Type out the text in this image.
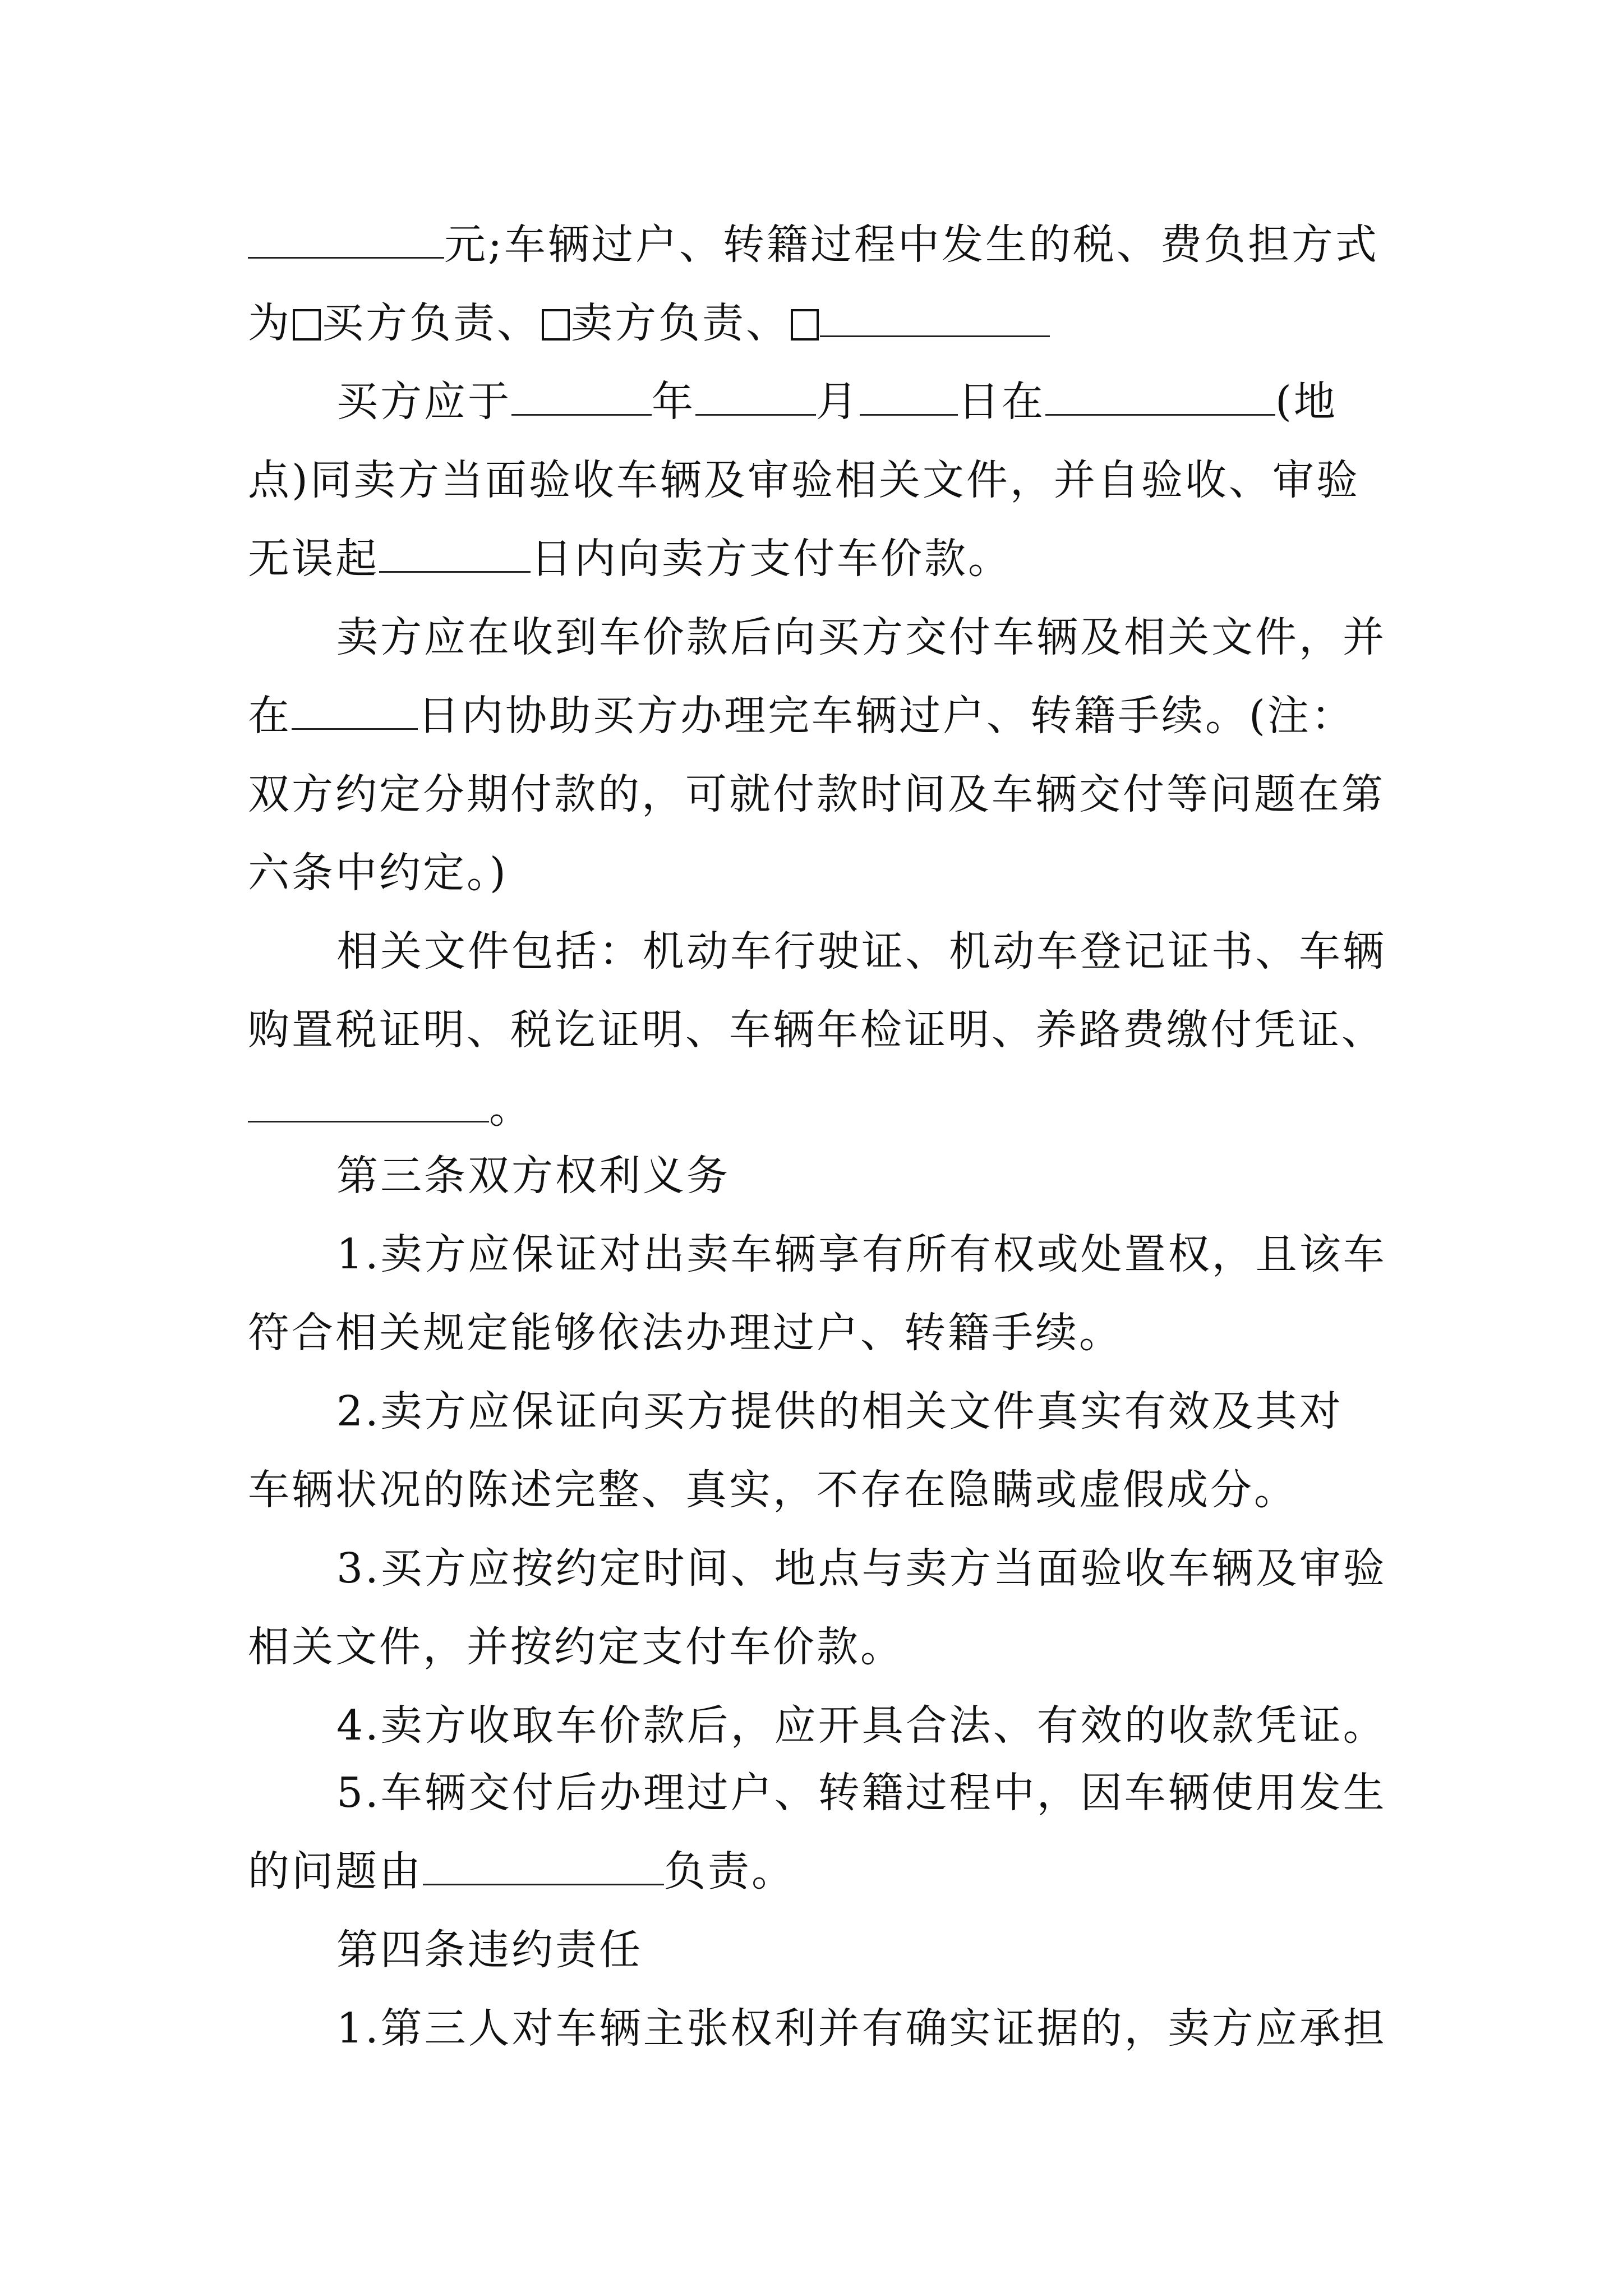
元;车辆过户、转籍过程中发生的税、费负担方式
为 买方负责、 卖方负责、
买方应于	年	月 日在	(地
点)同卖方当面验收车辆及审验相关文件，并自验收、审验
无误起	日内向卖方支付车价款。
卖方应在收到车价款后向买方交付车辆及相关文件，并
在	日内协助买方办理完车辆过户、转籍手续。(注：
双方约定分期付款的，可就付款时间及车辆交付等问题在第
六条中约定。)
相关文件包括：机动车行驶证、机动车登记证书、车辆
购置税证明、税讫证明、车辆年检证明、养路费缴付凭证、
。
第三条双方权利义务
1.卖方应保证对出卖车辆享有所有权或处置权，且该车
符合相关规定能够依法办理过户、转籍手续。
2.卖方应保证向买方提供的相关文件真实有效及其对
车辆状况的陈述完整、真实，不存在隐瞒或虚假成分。
3.买方应按约定时间、地点与卖方当面验收车辆及审验
相关文件，并按约定支付车价款。
4.卖方收取车价款后，应开具合法、有效的收款凭证。
5.车辆交付后办理过户、转籍过程中，因车辆使用发生
的问题由	负责。
第四条违约责任
1.第三人对车辆主张权利并有确实证据的，卖方应承担
